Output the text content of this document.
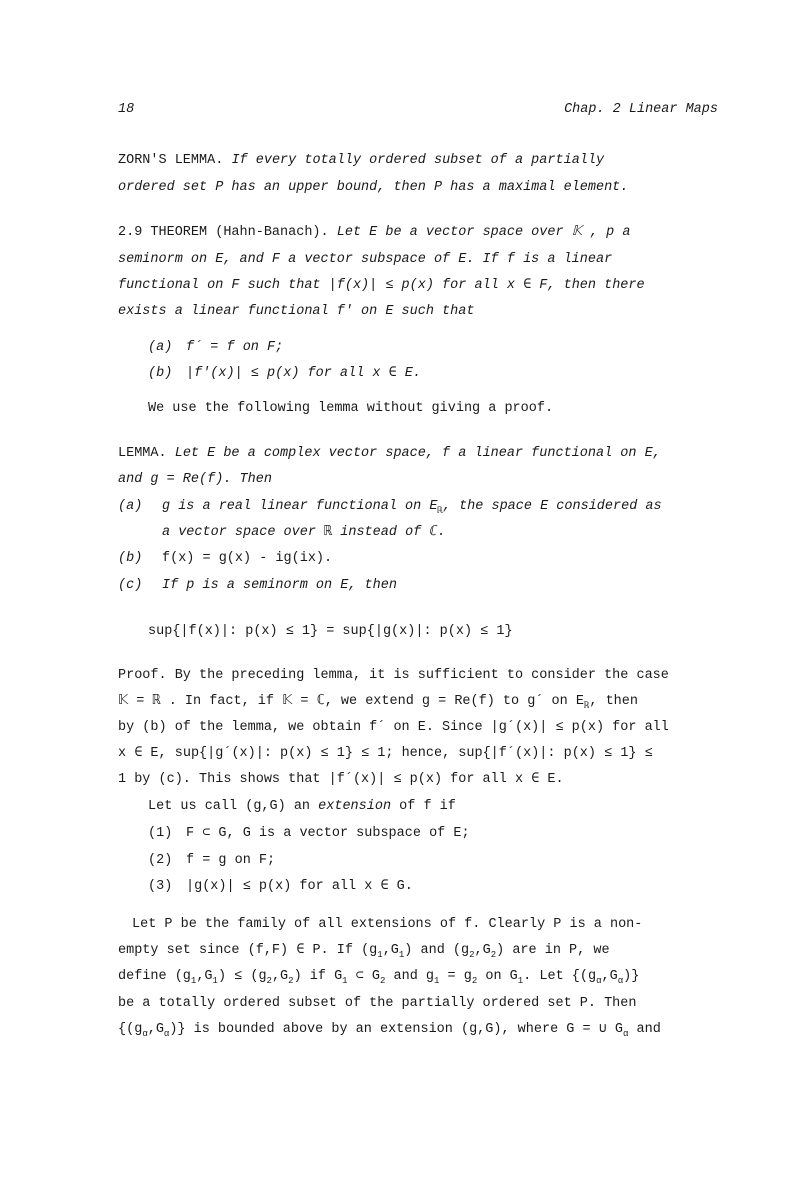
18	Chap. 2 Linear Maps
ZORN'S LEMMA. If every totally ordered subset of a partially
ordered set P has an upper bound, then P has a maximal element.
2.9 THEOREM (Hahn-Banach). Let E be a vector space over 𝕂 , p a
seminorm on E, and F a vector subspace of E. If f is a linear
functional on F such that |f(x)| ≤ p(x) for all x ∈ F, then there
exists a linear functional f' on E such that
(a) f´ = f on F;
(b) |f'(x)| ≤ p(x) for all x ∈ E.
We use the following lemma without giving a proof.
LEMMA. Let E be a complex vector space, f a linear functional on E,
and g = Re(f). Then
(a) g is a real linear functional on $E_ℝ$, the space E considered as
a vector space over ℝ instead of ℂ.
(b) f(x) = g(x) - ig(ix).
(c) If p is a seminorm on E, then
sup{|f(x)|: p(x) ≤ 1} = sup{|g(x)|: p(x) ≤ 1}
Proof. By the preceding lemma, it is sufficient to consider the case
𝕂 = ℝ . In fact, if 𝕂 = ℂ, we extend g = Re(f) to g´ on $E_ℝ$, then
by (b) of the lemma, we obtain f´ on E. Since |g´(x)| ≤ p(x) for all
x ∈ E, sup{|g´(x)|: p(x) ≤ 1} ≤ 1; hence, sup{|f´(x)|: p(x) ≤ 1} ≤
1 by (c). This shows that |f´(x)| ≤ p(x) for all x ∈ E.
Let us call (g,G) an extension of f if
(1) F ⊂ G, G is a vector subspace of E;
(2) f = g on F;
(3) |g(x)| ≤ p(x) for all x ∈ G.
Let P be the family of all extensions of f. Clearly P is a non-
empty set since (f,F) ∈ P. If $(g_1,G_1)$ and $(g_2,G_2)$ are in P, we
define $(g_1,G_1) \le (g_2,G_2)$ if $G_1$ ⊂ $G_2$ and $g_1 = g_2$ on $G_1$. Let $\{(g_\alpha,G_\alpha)\}$
be a totally ordered subset of the partially ordered set P. Then
$\{(g_\alpha,G_\alpha)\}$ is bounded above by an extension (g,G), where G = ∪ $G_\alpha$ and
